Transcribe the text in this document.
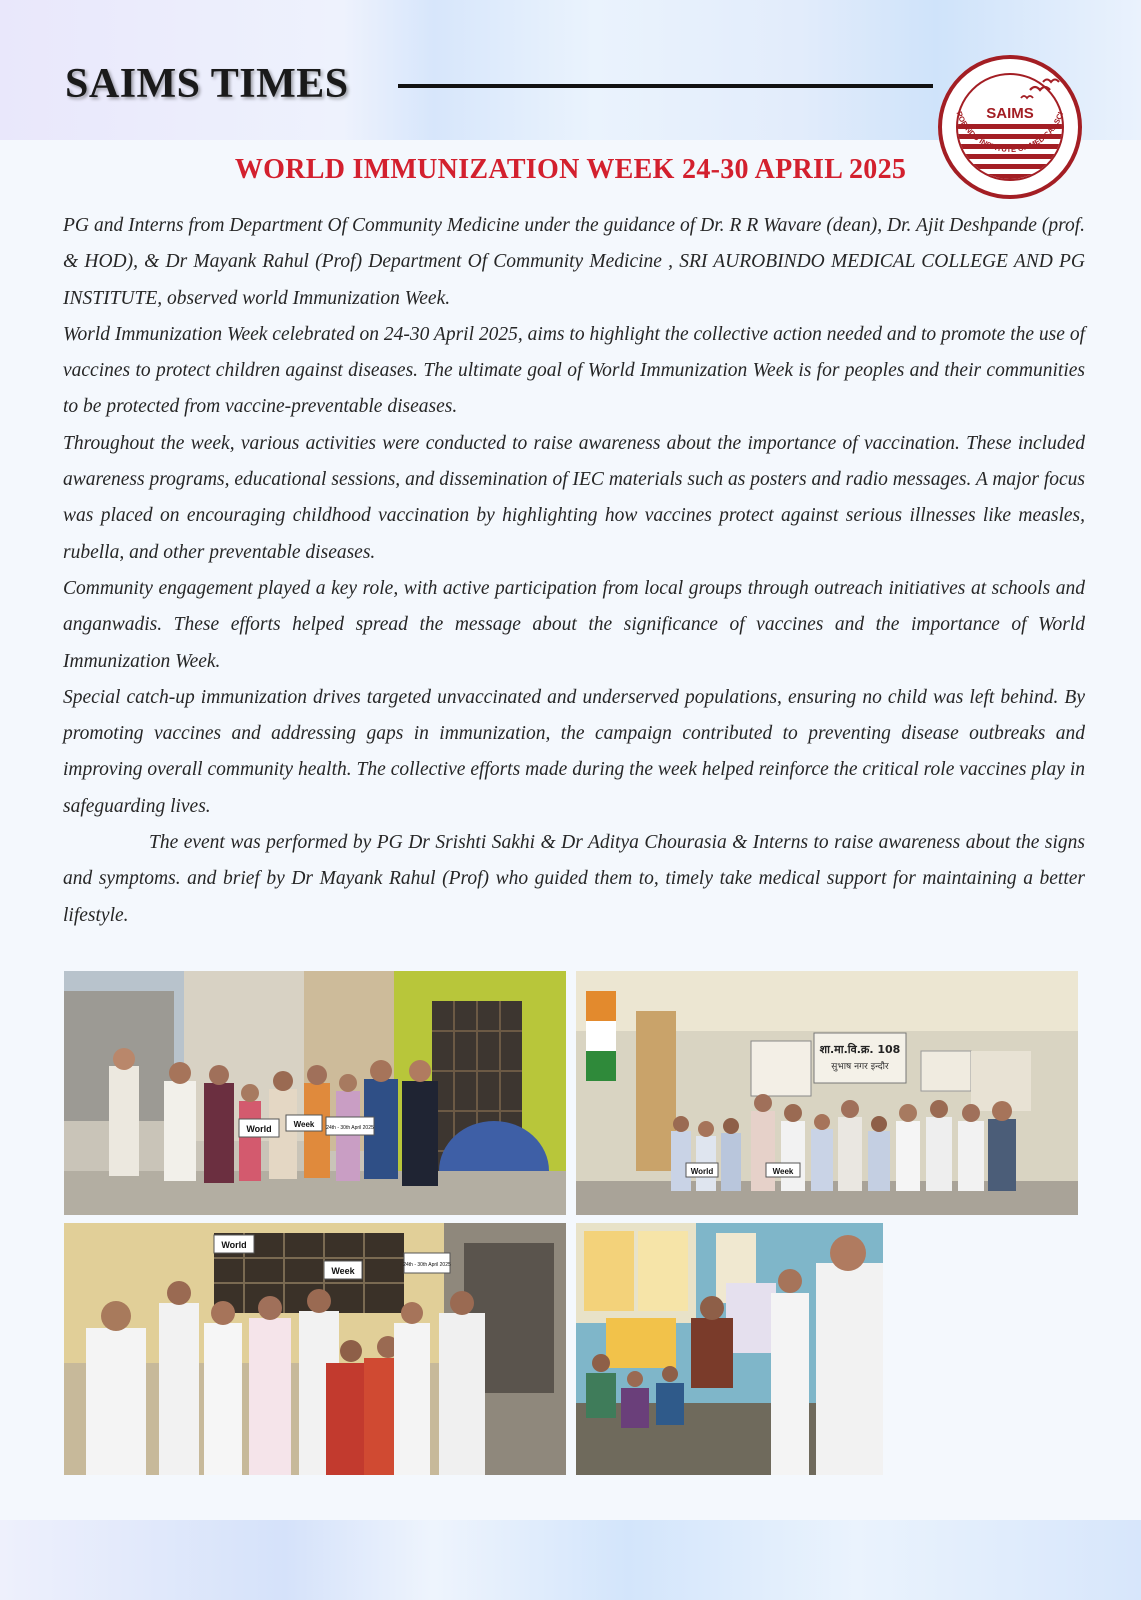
SAIMS TIMES
SAIMS
ROBINDO INSTITUTE OF MEDICAL SCI
WORLD IMMUNIZATION WEEK 24-30 APRIL 2025

PG and Interns from Department Of Community Medicine under the guidance of Dr. R R Wavare (dean), Dr. Ajit Deshpande (prof. & HOD), & Dr Mayank Rahul (Prof) Department Of Community Medicine , SRI AUROBINDO MEDICAL COLLEGE AND PG INSTITUTE, observed world Immunization Week.

World Immunization Week celebrated on 24-30 April 2025, aims to highlight the collective action needed and to promote the use of vaccines to protect children against diseases. The ultimate goal of World Immunization Week is for peoples and their communities to be protected from vaccine-preventable diseases.

Throughout the week, various activities were conducted to raise awareness about the importance of vaccination. These included awareness programs, educational sessions, and dissemination of IEC materials such as posters and radio messages. A major focus was placed on encouraging childhood vaccination by highlighting how vaccines protect against serious illnesses like measles, rubella, and other preventable diseases.

Community engagement played a key role, with active participation from local groups through outreach initiatives at schools and anganwadis. These efforts helped spread the message about the significance of vaccines and the importance of World Immunization Week.

Special catch-up immunization drives targeted unvaccinated and underserved populations, ensuring no child was left behind. By promoting vaccines and addressing gaps in immunization, the campaign contributed to preventing disease outbreaks and improving overall community health. The collective efforts made during the week helped reinforce the critical role vaccines play in safeguarding lives.

The event was performed by PG Dr Srishti Sakhi & Dr Aditya Chourasia & Interns to raise awareness about the signs and symptoms. and brief by Dr Mayank Rahul (Prof) who guided them to, timely take medical support for maintaining a better lifestyle.

World	Week 24th - 30th April 2025
शा.मा.वि.क्र. 108
सुभाष नगर इन्दौर
World	Week
World
Week
24th - 30th April 2025
